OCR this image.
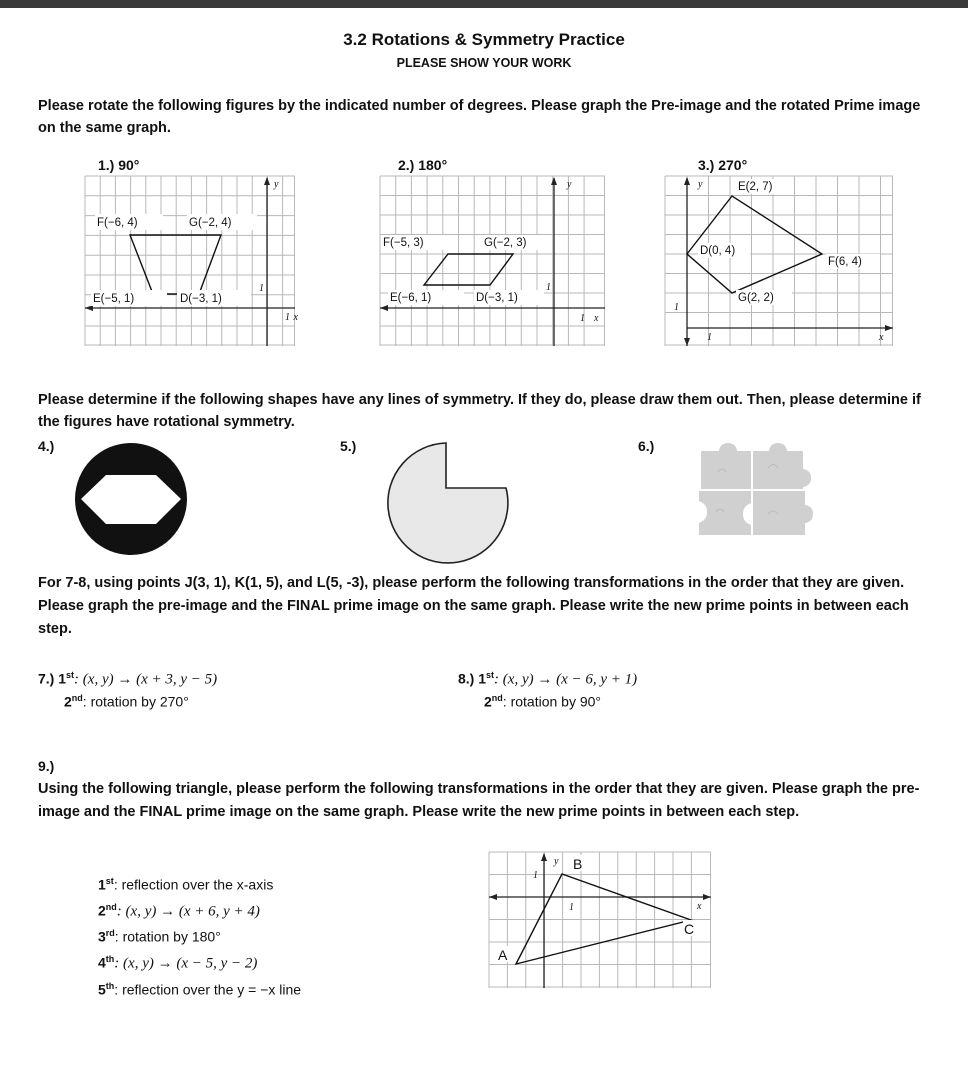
3.2 Rotations & Symmetry Practice
PLEASE SHOW YOUR WORK
Please rotate the following figures by the indicated number of degrees. Please graph the Pre-image and the rotated Prime image on the same graph.
1.) 90°	2.) 180°	3.) 270°
F(−6, 4)	G(−2, 4)
E(−5, 1)	D(−3, 1)
y
x
1
1
F(−5, 3)	G(−2, 3)
E(−6, 1)	D(−3, 1)
y
x
1
1
E(2, 7)
D(0, 4)
F(6, 4)
G(2, 2)
y
x
1
1
Please determine if the following shapes have any lines of symmetry. If they do, please draw them out. Then, please determine if the figures have rotational symmetry.
4.)	5.)	6.)
For 7-8, using points J(3, 1), K(1, 5), and L(5, -3), please perform the following transformations in the order that they are given. Please graph the pre-image and the FINAL prime image on the same graph. Please write the new prime points in between each step.
7.) 1st: (x, y) → (x + 3, y − 5)
2nd: rotation by 270°
8.) 1st: (x, y) → (x − 6, y + 1)
2nd: rotation by 90°
9.)
Using the following triangle, please perform the following transformations in the order that they are given. Please graph the pre-image and the FINAL prime image on the same graph. Please write the new prime points in between each step.
1st: reflection over the x-axis
2nd: (x, y) → (x + 6, y + 4)
3rd: rotation by 180°
4th: (x, y) → (x − 5, y − 2)
5th: reflection over the y = −x line
A
B
C
y
x
1
1
